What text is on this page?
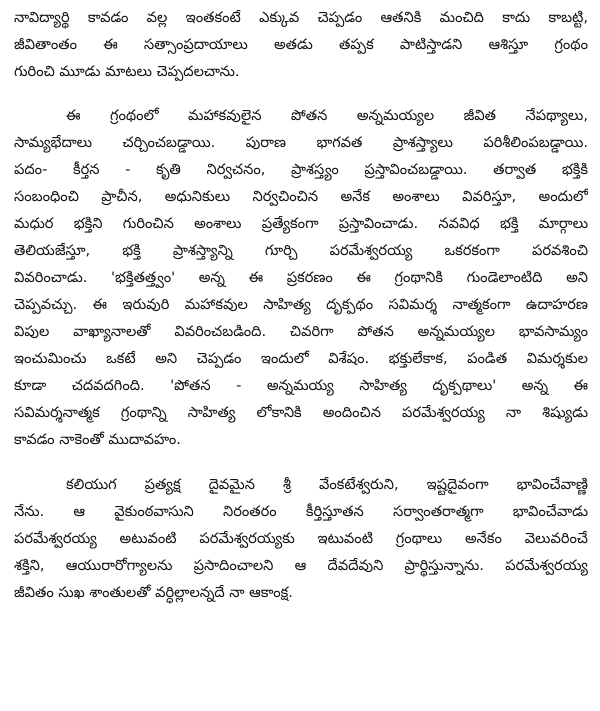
నావిద్యార్థి కావడం వల్ల ఇంతకంటే ఎక్కువ చెప్పడం ఆతనికి మంచిది కాదు కాబట్టి,
జీవితాంతం ఈ సత్సాంప్రదాయాలు అతడు తప్పక పాటిస్తాడని ఆశిస్తూ గ్రంథం
గురించి మూడు మాటలు చెప్పదలచాను.
ఈ గ్రంథంలో మహాకవులైన పోతన అన్నమయ్యల జీవిత నేపథ్యాలు,
సామ్యభేదాలు చర్చించబడ్డాయి. పురాణ భాగవత ప్రాశస్త్యాలు పరిశీలింపబడ్డాయి.
పదం- కీర్తన - కృతి నిర్వచనం, ప్రాశస్త్యం ప్రస్తావించబడ్డాయి. తర్వాత భక్తికి
సంబంధించి ప్రాచీన, అధునికులు నిర్వచించిన అనేక అంశాలు వివరిస్తూ, అందులో
మధుర భక్తిని గురించిన అంశాలు ప్రత్యేకంగా ప్రస్తావించాడు. నవవిధ భక్తి మార్గాలు
తెలియజేస్తూ, భక్తి ప్రాశస్త్యాన్ని గూర్చి పరమేశ్వరయ్య ఒకరకంగా పరవశించి
వివరించాడు. 'భక్తితత్త్వం' అన్న ఈ ప్రకరణం ఈ గ్రంథానికి గుండెలాంటిది అని
చెప్పవచ్చు. ఈ ఇరువురి మహాకవుల సాహిత్య దృక్పథం సవిమర్శ నాత్మకంగా ఉదాహరణ
విపుల వాఖ్యానాలతో వివరించబడింది. చివరిగా పోతన అన్నమయ్యల భావసామ్యం
ఇంచుమించు ఒకటే అని చెప్పడం ఇందులో విశేషం. భక్తులేకాక, పండిత విమర్శకుల
కూడా చదవదగింది. 'పోతన - అన్నమయ్య సాహిత్య దృక్పథాలు' అన్న ఈ
సవిమర్శనాత్మక గ్రంథాన్ని సాహిత్య లోకానికి అందించిన పరమేశ్వరయ్య నా శిష్యుడు
కావడం నాకెంతో ముదావహం.
కలియుగ ప్రత్యక్ష దైవమైన శ్రీ వేంకటేశ్వరుని, ఇష్టదైవంగా భావించేవాణ్ణి
నేను. ఆ వైకుంఠవాసుని నిరంతరం కీర్తిస్తూతన సర్వాంతరాత్మగా భావించేవాడు
పరమేశ్వరయ్య అటువంటి పరమేశ్వరయ్యకు ఇటువంటి గ్రంథాలు అనేకం వెలువరించే
శక్తిని, ఆయురారోగ్యాలను ప్రసాదించాలని ఆ దేవదేవుని ప్రార్థిస్తున్నాను. పరమేశ్వరయ్య
జీవితం సుఖ శాంతులతో వర్ధిల్లాలన్నదే నా ఆకాంక్ష.
